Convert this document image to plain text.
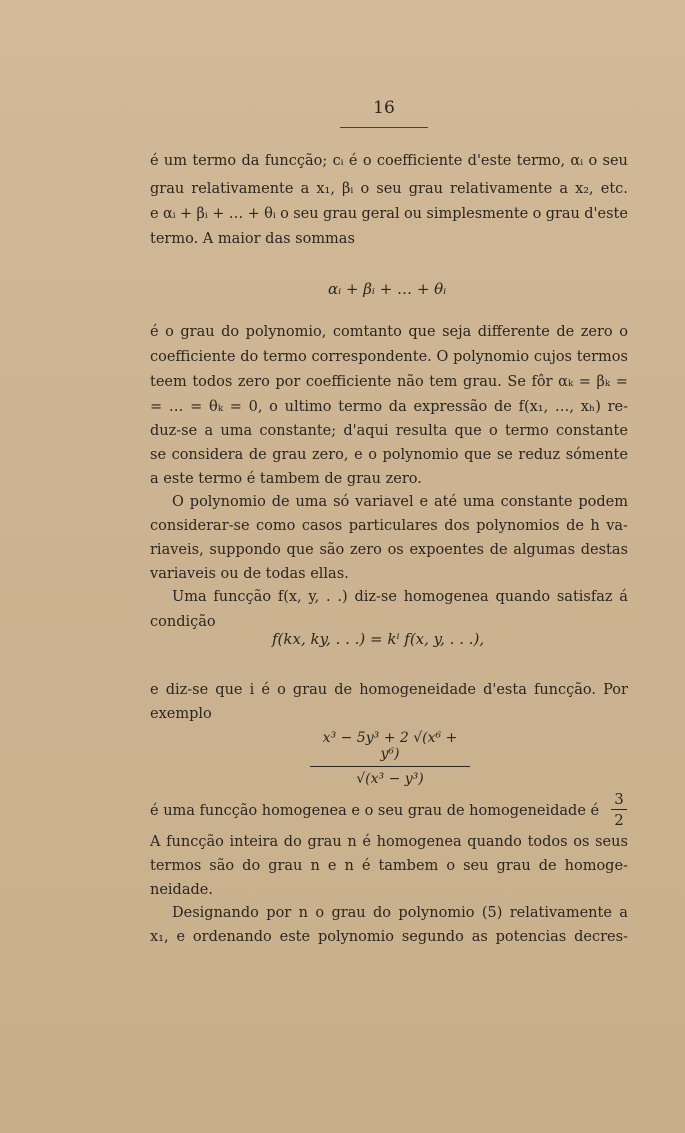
16
é um termo da funcção; cᵢ é o coefficiente d'este termo, αᵢ o seu
grau relativamente a x₁, βᵢ o seu grau relativamente a x₂, etc.
e αᵢ + βᵢ + … + θᵢ o seu grau geral ou simplesmente o grau d'este
termo. A maior das sommas
é o grau do polynomio, comtanto que seja differente de zero o
coefficiente do termo correspondente. O polynomio cujos termos
teem todos zero por coefficiente não tem grau. Se fôr αₖ = βₖ =
= … = θₖ = 0, o ultimo termo da expressão de f(x₁, …, xₕ) re-
duz-se a uma constante; d'aqui resulta que o termo constante
se considera de grau zero, e o polynomio que se reduz sómente
a este termo é tambem de grau zero.
O polynomio de uma só variavel e até uma constante podem
considerar-se como casos particulares dos polynomios de h va-
riaveis, suppondo que são zero os expoentes de algumas destas
variaveis ou de todas ellas.
Uma funcção f(x, y, . .) diz-se homogenea quando satisfaz á
condição
e diz-se que i é o grau de homogeneidade d'esta funcção. Por
exemplo
é uma funcção homogenea e o seu grau de homogeneidade é
A funcção inteira do grau n é homogenea quando todos os seus
termos são do grau n e n é tambem o seu grau de homoge-
neidade.
Designando por n o grau do polynomio (5) relativamente a
x₁, e ordenando este polynomio segundo as potencias decres-
αᵢ + βᵢ + … + θᵢ
f(kx, ky, . . .) = kⁱ f(x, y, . . .),
x³ − 5y³ + 2 √(x⁶ + y⁶)
√(x³ − y³)
3
2
